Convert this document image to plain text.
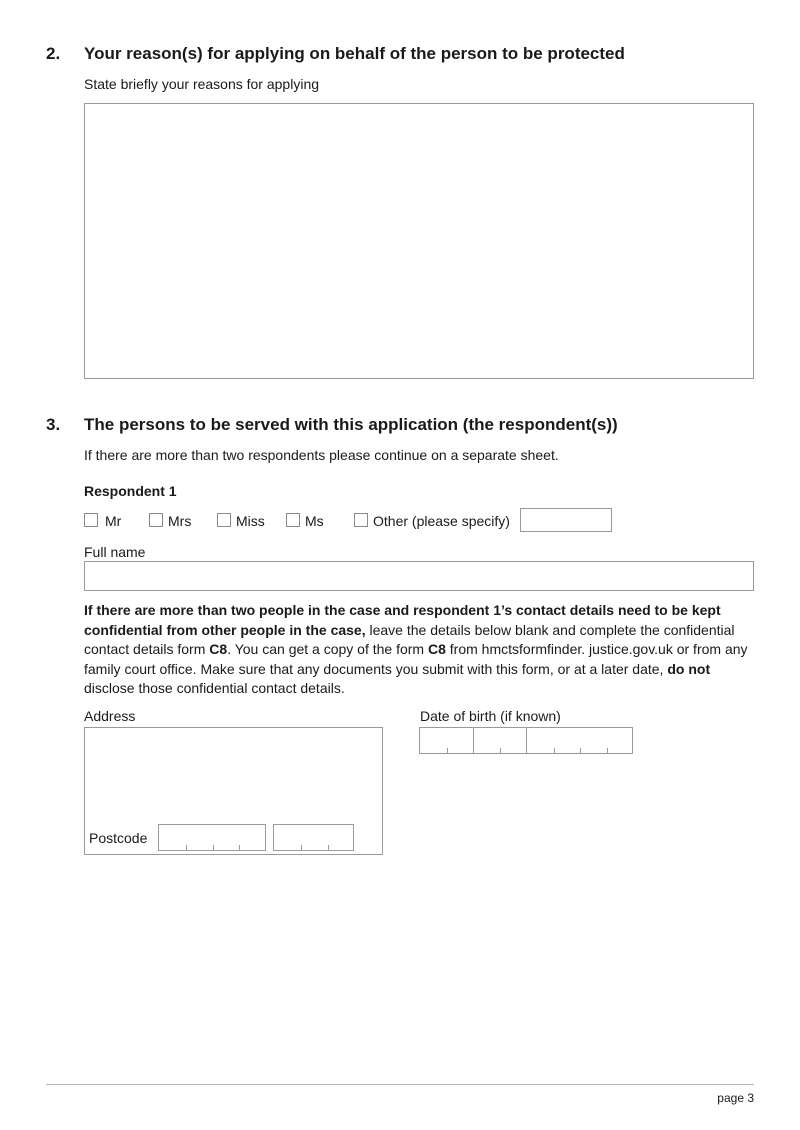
2. Your reason(s) for applying on behalf of the person to be protected
State briefly your reasons for applying
3. The persons to be served with this application (the respondent(s))
If there are more than two respondents please continue on a separate sheet.
Respondent 1
Mr	Mrs	Miss	Ms	Other (please specify)
Full name
If there are more than two people in the case and respondent 1’s contact details need to be kept confidential from other people in the case, leave the details below blank and complete the confidential contact details form C8. You can get a copy of the form C8 from hmctsformfinder. justice.gov.uk or from any family court office. Make sure that any documents you submit with this form, or at a later date, do not disclose those confidential contact details.
Address
Postcode
Date of birth (if known)
page 3
